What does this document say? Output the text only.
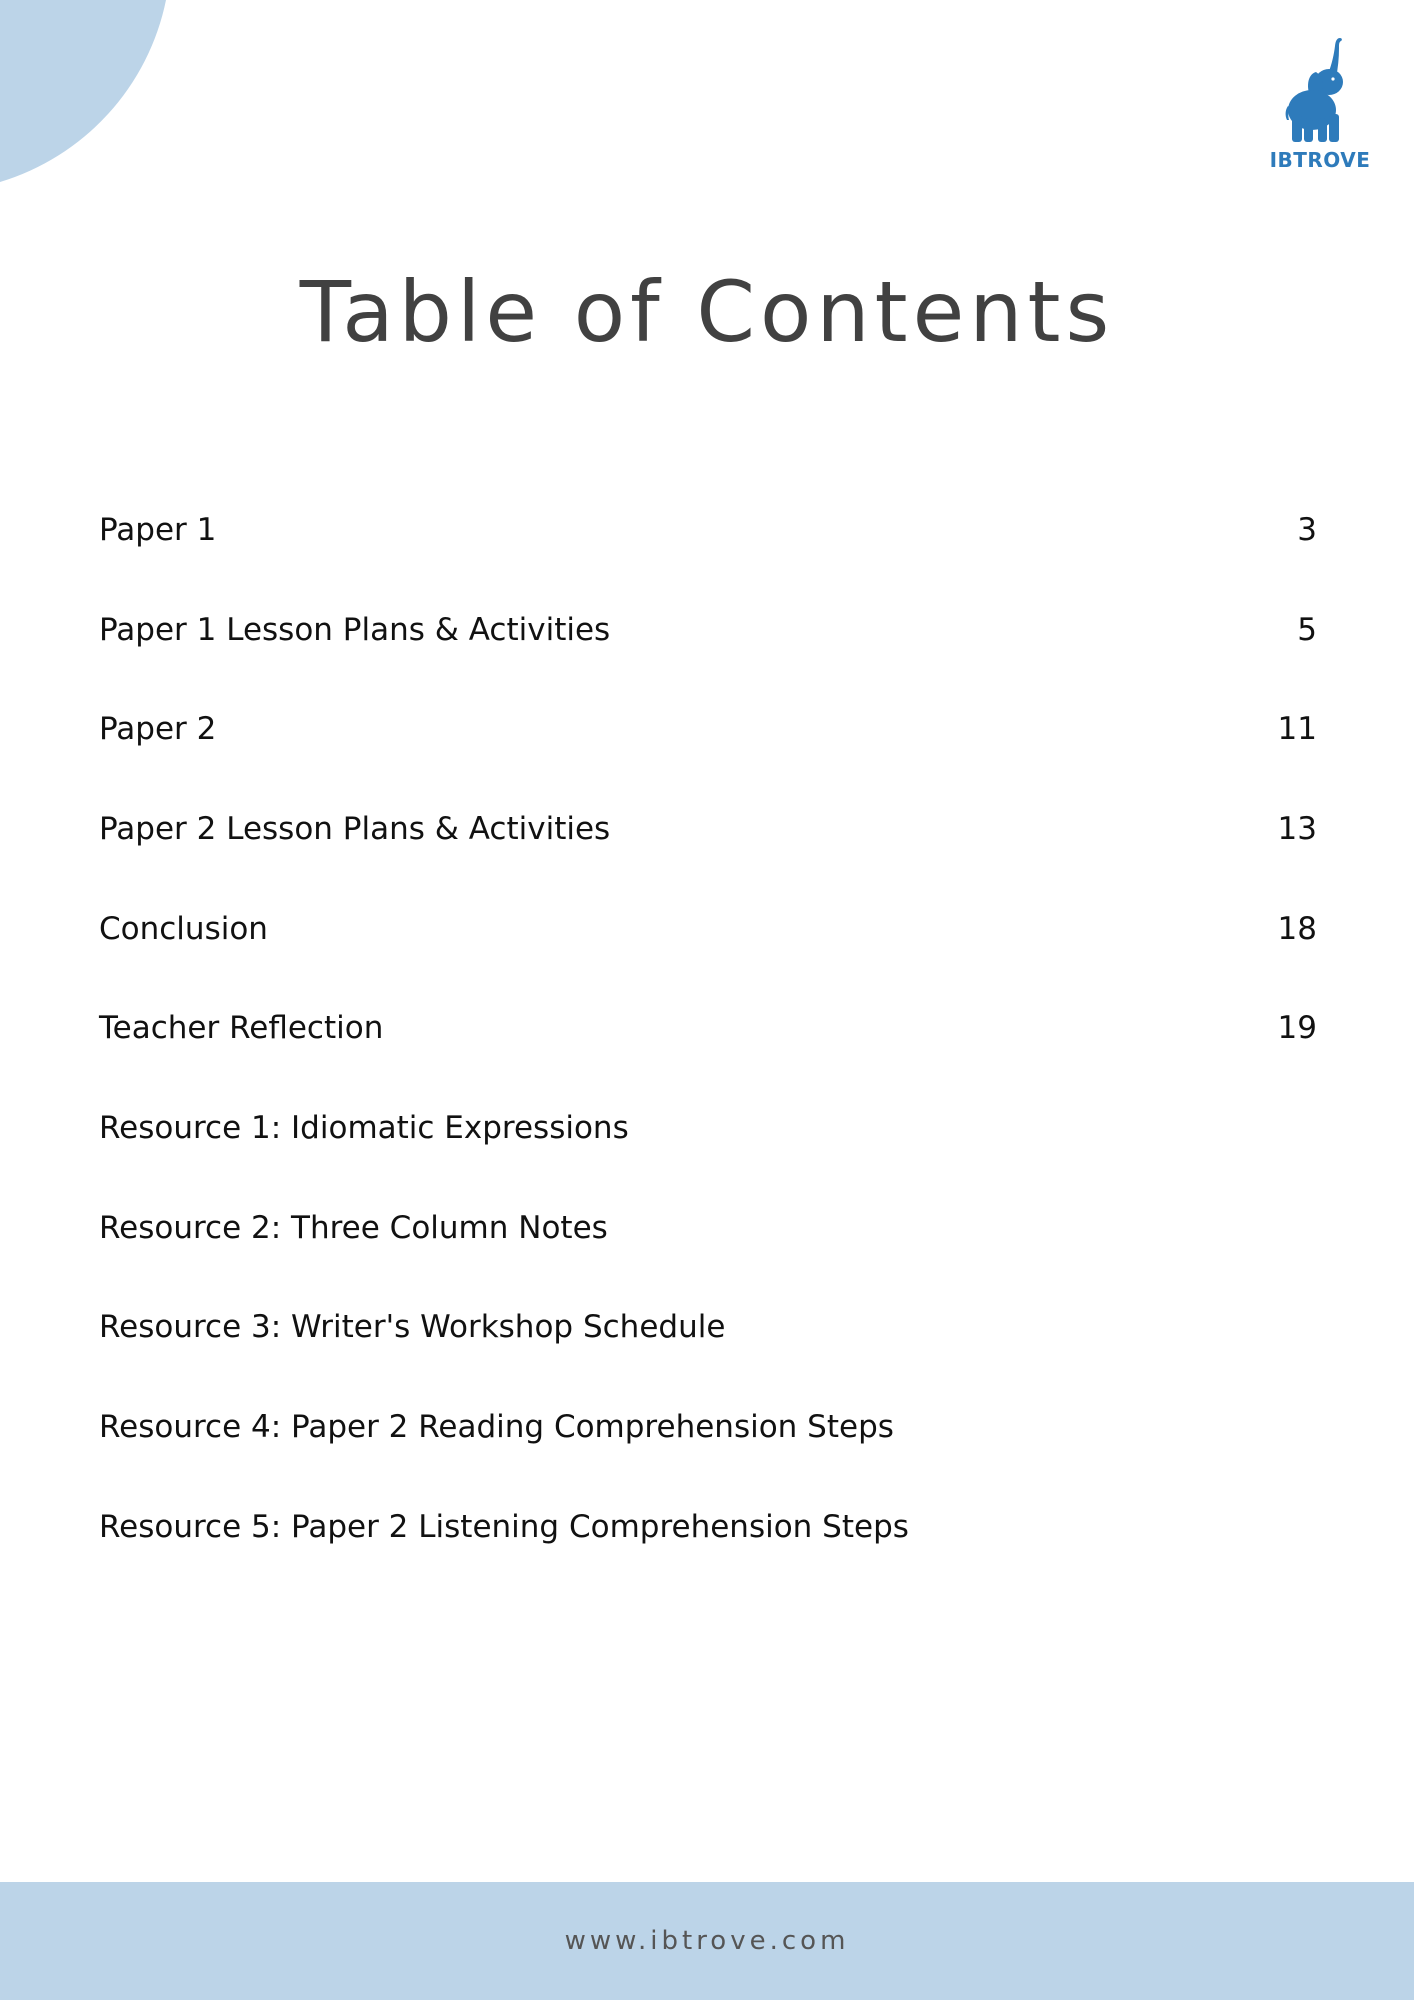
IBTROVE
Table of Contents
Paper 1	3
Paper 1 Lesson Plans & Activities	5
Paper 2	11
Paper 2 Lesson Plans & Activities	13
Conclusion	18
Teacher Reflection	19
Resource 1: Idiomatic Expressions
Resource 2: Three Column Notes
Resource 3: Writer's Workshop Schedule
Resource 4: Paper 2 Reading Comprehension Steps
Resource 5: Paper 2 Listening Comprehension Steps
www.ibtrove.com
